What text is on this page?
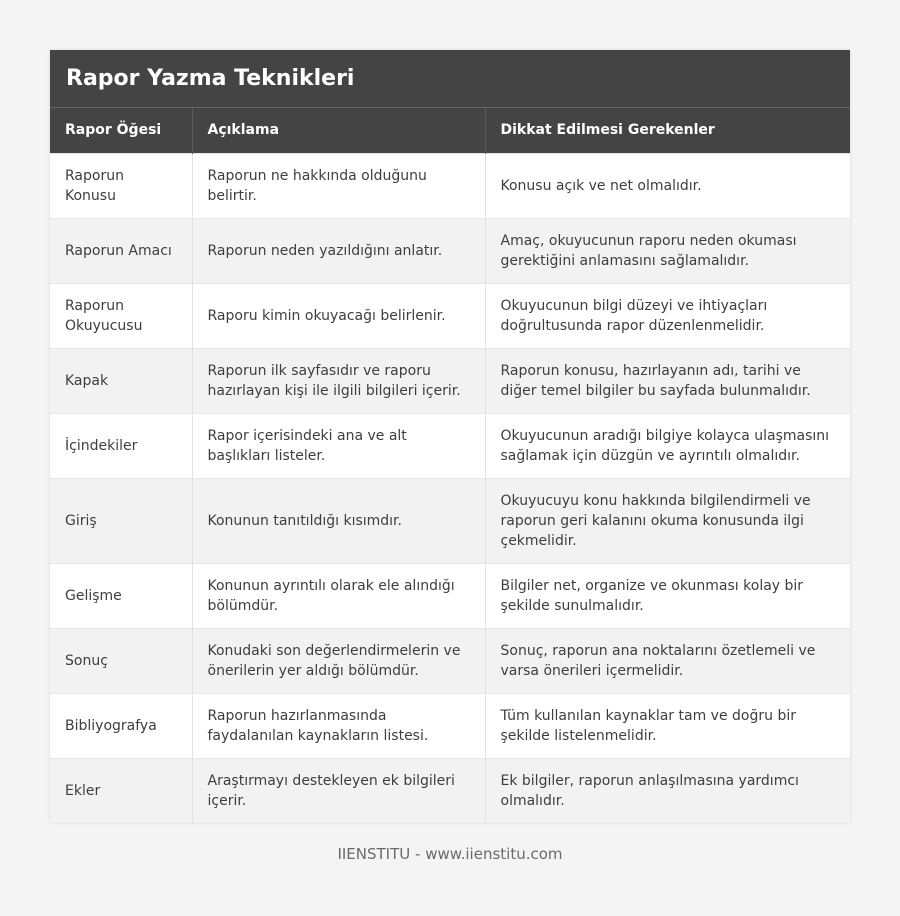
Rapor Yazma Teknikleri
Rapor Öğesi	Açıklama	Dikkat Edilmesi Gerekenler
Raporun Konusu	Raporun ne hakkında olduğunu belirtir.	Konusu açık ve net olmalıdır.
Raporun Amacı	Raporun neden yazıldığını anlatır.	Amaç, okuyucunun raporu neden okuması gerektiğini anlamasını sağlamalıdır.
Raporun Okuyucusu	Raporu kimin okuyacağı belirlenir.	Okuyucunun bilgi düzeyi ve ihtiyaçları doğrultusunda rapor düzenlenmelidir.
Kapak	Raporun ilk sayfasıdır ve raporu hazırlayan kişi ile ilgili bilgileri içerir.	Raporun konusu, hazırlayanın adı, tarihi ve diğer temel bilgiler bu sayfada bulunmalıdır.
İçindekiler	Rapor içerisindeki ana ve alt başlıkları listeler.	Okuyucunun aradığı bilgiye kolayca ulaşmasını sağlamak için düzgün ve ayrıntılı olmalıdır.
Giriş	Konunun tanıtıldığı kısımdır.	Okuyucuyu konu hakkında bilgilendirmeli ve raporun geri kalanını okuma konusunda ilgi çekmelidir.
Gelişme	Konunun ayrıntılı olarak ele alındığı bölümdür.	Bilgiler net, organize ve okunması kolay bir şekilde sunulmalıdır.
Sonuç	Konudaki son değerlendirmelerin ve önerilerin yer aldığı bölümdür.	Sonuç, raporun ana noktalarını özetlemeli ve varsa önerileri içermelidir.
Bibliyografya	Raporun hazırlanmasında faydalanılan kaynakların listesi.	Tüm kullanılan kaynaklar tam ve doğru bir şekilde listelenmelidir.
Ekler	Araştırmayı destekleyen ek bilgileri içerir.	Ek bilgiler, raporun anlaşılmasına yardımcı olmalıdır.
IIENSTITU - www.iienstitu.com
